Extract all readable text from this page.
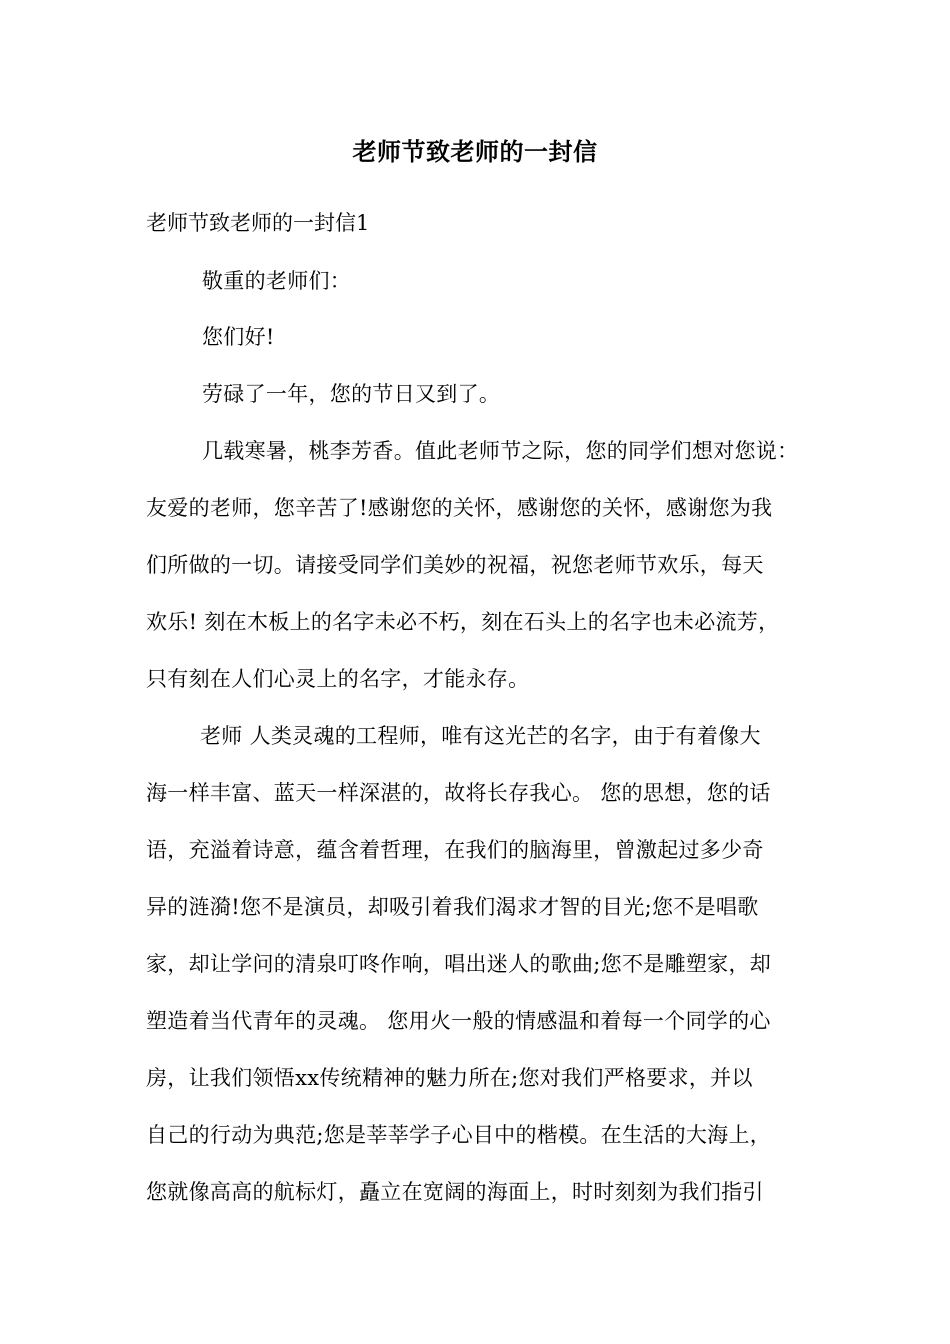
老师节致老师的一封信
老师节致老师的一封信1
敬重的老师们：
您们好!
劳碌了一年，您的节日又到了。
几载寒暑，桃李芳香。值此老师节之际，您的同学们想对您说：
友爱的老师，您辛苦了!感谢您的关怀，感谢您的关怀，感谢您为我
们所做的一切。请接受同学们美妙的祝福，祝您老师节欢乐，每天
欢乐! 刻在木板上的名字未必不朽，刻在石头上的名字也未必流芳，
只有刻在人们心灵上的名字，才能永存。
老师 人类灵魂的工程师，唯有这光芒的名字，由于有着像大
海一样丰富、蓝天一样深湛的，故将长存我心。 您的思想，您的话
语，充溢着诗意，蕴含着哲理，在我们的脑海里，曾激起过多少奇
异的涟漪!您不是演员，却吸引着我们渴求才智的目光;您不是唱歌
家，却让学问的清泉叮咚作响，唱出迷人的歌曲;您不是雕塑家，却
塑造着当代青年的灵魂。 您用火一般的情感温和着每一个同学的心
房，让我们领悟xx传统精神的魅力所在;您对我们严格要求，并以
自己的行动为典范;您是莘莘学子心目中的楷模。在生活的大海上，
您就像高高的航标灯，矗立在宽阔的海面上，时时刻刻为我们指引
